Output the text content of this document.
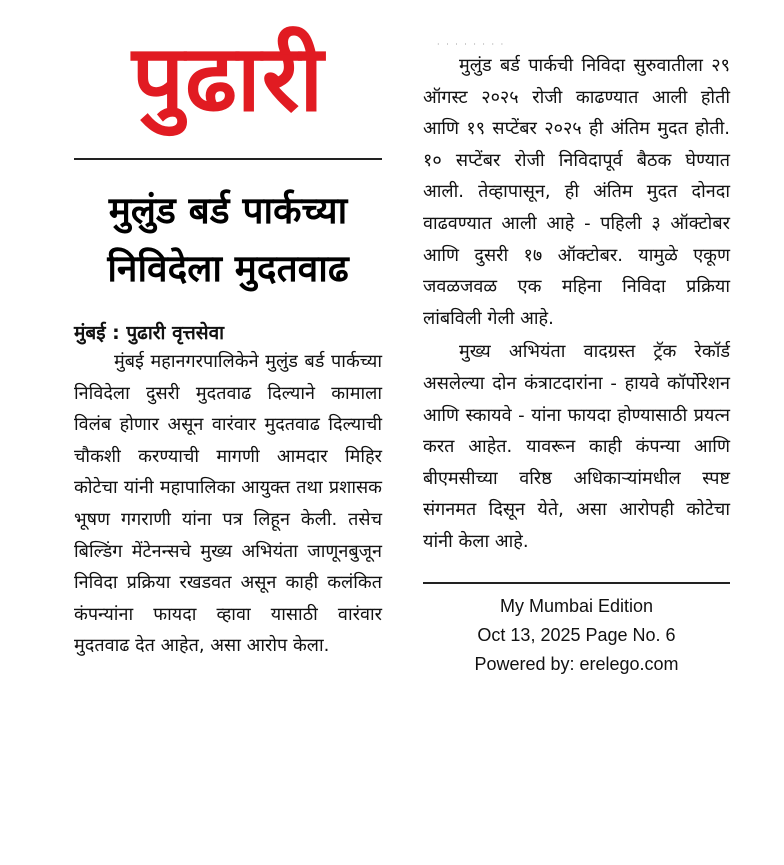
पुढारी
मुलुंड बर्ड पार्कच्या निविदेला मुदतवाढ
मुंबई : पुढारी वृत्तसेवा

मुंबई महानगरपालिकेने मुलुंड बर्ड पार्कच्या निविदेला दुसरी मुदतवाढ दिल्याने कामाला विलंब होणार असून वारंवार मुदतवाढ दिल्याची चौकशी करण्याची मागणी आमदार मिहिर कोटेचा यांनी महापालिका आयुक्त तथा प्रशासक भूषण गगराणी यांना पत्र लिहून केली. तसेच बिल्डिंग मेंटेनन्सचे मुख्य अभियंता जाणूनबुजून निविदा प्रक्रिया रखडवत असून काही कलंकित कंपन्यांना फायदा व्हावा यासाठी वारंवार मुदतवाढ देत आहेत, असा आरोप केला.

· · · · · · · ·

मुलुंड बर्ड पार्कची निविदा सुरुवातीला २९ ऑगस्ट २०२५ रोजी काढण्यात आली होती आणि १९ सप्टेंबर २०२५ ही अंतिम मुदत होती. १० सप्टेंबर रोजी निविदापूर्व बैठक घेण्यात आली. तेव्हापासून, ही अंतिम मुदत दोनदा वाढवण्यात आली आहे - पहिली ३ ऑक्टोबर आणि दुसरी १७ ऑक्टोबर. यामुळे एकूण जवळजवळ एक महिना निविदा प्रक्रिया लांबविली गेली आहे.

मुख्य अभियंता वादग्रस्त ट्रॅक रेकॉर्ड असलेल्या दोन कंत्राटदारांना - हायवे कॉर्पोरेशन आणि स्कायवे - यांना फायदा होण्यासाठी प्रयत्न करत आहेत. यावरून काही कंपन्या आणि बीएमसीच्या वरिष्ठ अधिकाऱ्यांमधील स्पष्ट संगनमत दिसून येते, असा आरोपही कोटेचा यांनी केला आहे.

My Mumbai Edition
Oct 13, 2025 Page No. 6
Powered by: erelego.com
